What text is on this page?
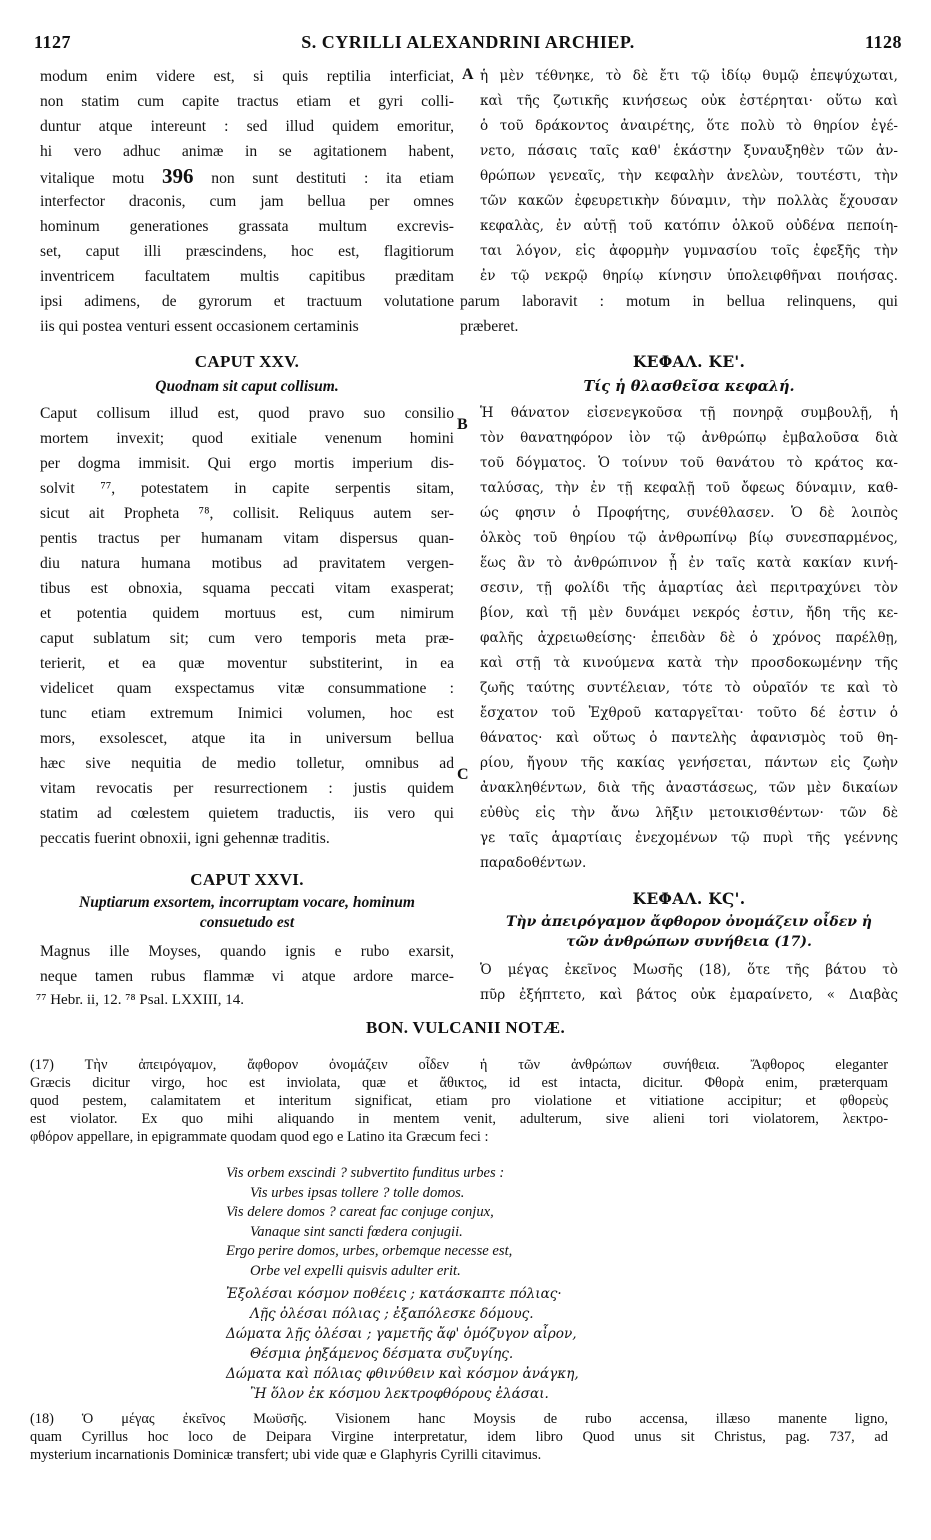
1127	S. CYRILLI ALEXANDRINI ARCHIEP.	1128
modum enim videre est, si quis reptilia interficiat,
non statim cum capite tractus etiam et gyri colli-
duntur atque intereunt : sed illud quidem emoritur,
hi vero adhuc animæ in se agitationem habent,
vitalique motu 396 non sunt destituti : ita etiam
interfector draconis, cum jam bellua per omnes
hominum generationes grassata multum excrevis-
set, caput illi præscindens, hoc est, flagitiorum
inventricem facultatem multis capitibus præditam
ipsi adimens, de gyrorum et tractuum volutatione
iis qui postea venturi essent occasionem certaminis
CAPUT XXV.
Quodnam sit caput collisum.
Caput collisum illud est, quod pravo suo consilio
mortem invexit; quod exitiale venenum homini
per dogma immisit. Qui ergo mortis imperium dis-
solvit ⁷⁷, potestatem in capite serpentis sitam,
sicut ait Propheta ⁷⁸, collisit. Reliquus autem ser-
pentis tractus per humanam vitam dispersus quan-
diu natura humana motibus ad pravitatem vergen-
tibus est obnoxia, squama peccati vitam exasperat;
et potentia quidem mortuus est, cum nimirum
caput sublatum sit; cum vero temporis meta præ-
terierit, et ea quæ moventur substiterint, in ea
videlicet quam exspectamus vitæ consummatione :
tunc etiam extremum Inimici volumen, hoc est
mors, exsolescet, atque ita in universum bellua
hæc sive nequitia de medio tolletur, omnibus ad
vitam revocatis per resurrectionem : justis quidem
statim ad cœlestem quietem traductis, iis vero qui
peccatis fuerint obnoxii, igni gehennæ traditis.
CAPUT XXVI.
Nuptiarum exsortem, incorruptam vocare, hominum
consuetudo est
Magnus ille Moyses, quando ignis e rubo exarsit,
neque tamen rubus flammæ vi atque ardore marce-
A
B
C
ἡ μὲν τέθνηκε, τὸ δὲ ἔτι τῷ ἰδίῳ θυμῷ ἐπεψύχωται,
καὶ τῆς ζωτικῆς κινήσεως οὐκ ἐστέρηται· οὕτω καὶ
ὁ τοῦ δράκοντος ἀναιρέτης, ὅτε πολὺ τὸ θηρίον ἐγέ-
νετο, πάσαις ταῖς καθ' ἑκάστην ξυναυξηθὲν τῶν ἀν-
θρώπων γενεαῖς, τὴν κεφαλὴν ἀνελὼν, τουτέστι, τὴν
τῶν κακῶν ἐφευρετικὴν δύναμιν, τὴν πολλὰς ἔχουσαν
κεφαλὰς, ἐν αὐτῇ τοῦ κατόπιν ὁλκοῦ οὐδένα πεποίη-
ται λόγον, εἰς ἀφορμὴν γυμνασίου τοῖς ἐφεξῆς τὴν
ἐν τῷ νεκρῷ θηρίῳ κίνησιν ὑπολειφθῆναι ποιήσας.
parum laboravit : motum in bellua relinquens, qui
præberet.
ΚΕΦΑΛ. ΚΕ'.
Τίς ἡ θλασθεῖσα κεφαλή.
Ἡ θάνατον εἰσενεγκοῦσα τῇ πονηρᾷ συμβουλῇ, ἡ
τὸν θανατηφόρον ἰὸν τῷ ἀνθρώπῳ ἐμβαλοῦσα διὰ
τοῦ δόγματος. Ὁ τοίνυν τοῦ θανάτου τὸ κράτος κα-
ταλύσας, τὴν ἐν τῇ κεφαλῇ τοῦ ὄφεως δύναμιν, καθ-
ώς φησιν ὁ Προφήτης, συνέθλασεν. Ὁ δὲ λοιπὸς
ὁλκὸς τοῦ θηρίου τῷ ἀνθρωπίνῳ βίῳ συνεσπαρμένος,
ἕως ἂν τὸ ἀνθρώπινον ᾖ ἐν ταῖς κατὰ κακίαν κινή-
σεσιν, τῇ φολίδι τῆς ἁμαρτίας ἀεὶ περιτραχύνει τὸν
βίον, καὶ τῇ μὲν δυνάμει νεκρός ἐστιν, ἤδη τῆς κε-
φαλῆς ἀχρειωθείσης· ἐπειδὰν δὲ ὁ χρόνος παρέλθῃ,
καὶ στῇ τὰ κινούμενα κατὰ τὴν προσδοκωμένην τῆς
ζωῆς ταύτης συντέλειαν, τότε τὸ οὐραῖόν τε καὶ τὸ
ἔσχατον τοῦ Ἐχθροῦ καταργεῖται· τοῦτο δέ ἐστιν ὁ
θάνατος· καὶ οὕτως ὁ παντελὴς ἀφανισμὸς τοῦ θη-
ρίου, ἤγουν τῆς κακίας γενήσεται, πάντων εἰς ζωὴν
ἀνακληθέντων, διὰ τῆς ἀναστάσεως, τῶν μὲν δικαίων
εὐθὺς εἰς τὴν ἄνω λῆξιν μετοικισθέντων· τῶν δὲ
γε ταῖς ἁμαρτίαις ἐνεχομένων τῷ πυρὶ τῆς γεέννης
παραδοθέντων.
ΚΕΦΑΛ. ΚϚ'.
Τὴν ἀπειρόγαμον ἄφθορον ὀνομάζειν οἶδεν ἡ
τῶν ἀνθρώπων συνήθεια (17).
Ὁ μέγας ἐκεῖνος Μωσῆς (18), ὅτε τῆς βάτου τὸ
πῦρ ἐξήπτετο, καὶ βάτος οὐκ ἐμαραίνετο, « Διαβὰς
⁷⁷ Hebr. ii, 12. ⁷⁸ Psal. LXXIII, 14.
BON. VULCANII NOTÆ.
(17) Τὴν ἀπειρόγαμον, ἄφθορον ὀνομάζειν οἶδεν ἡ τῶν ἀνθρώπων συνήθεια. Ἄφθορος eleganter
Græcis dicitur virgo, hoc est inviolata, quæ et ἄθικτος, id est intacta, dicitur. Φθορὰ enim, præterquam
quod pestem, calamitatem et interitum significat, etiam pro violatione et vitiatione accipitur; et φθορεὺς
est violator. Ex quo mihi aliquando in mentem venit, adulterum, sive alieni tori violatorem, λεκτρο-
φθόρον appellare, in epigrammate quodam quod ego e Latino ita Græcum feci :
Vis orbem exscindi ? subvertito funditus urbes :
Vis urbes ipsas tollere ? tolle domos.
Vis delere domos ? careat fac conjuge conjux,
Vanaque sint sancti fœdera conjugii.
Ergo perire domos, urbes, orbemque necesse est,
Orbe vel expelli quisvis adulter erit.
Ἐξολέσαι κόσμον ποθέεις ; κατάσκαπτε πόλιας·
Λῇς ὀλέσαι πόλιας ; ἐξαπόλεσκε δόμους.
Δώματα λῇς ὀλέσαι ; γαμετῆς ἄφ' ὁμόζυγον αἶρον,
Θέσμια ῥηξάμενος δέσματα συζυγίης.
Δώματα καὶ πόλιας φθινύθειν καὶ κόσμον ἀνάγκη,
Ἢ ὅλον ἐκ κόσμου λεκτροφθόρους ἐλάσαι.
(18) Ὁ μέγας ἐκεῖνος Μωϋσῆς. Visionem hanc Moysis de rubo accensa, illæso manente ligno,
quam Cyrillus hoc loco de Deipara Virgine interpretatur, idem libro Quod unus sit Christus, pag. 737, ad
mysterium incarnationis Dominicæ transfert; ubi vide quæ e Glaphyris Cyrilli citavimus.
